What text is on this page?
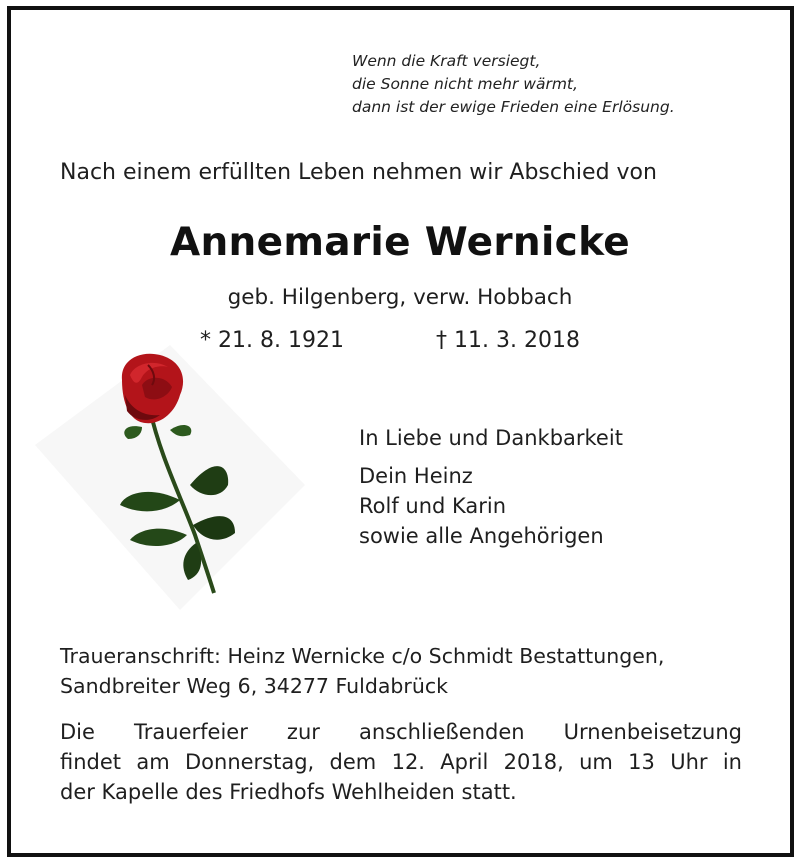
Wenn die Kraft versiegt,
die Sonne nicht mehr wärmt,
dann ist der ewige Frieden eine Erlösung.
Nach einem erfüllten Leben nehmen wir Abschied von
Annemarie Wernicke
geb. Hilgenberg, verw. Hobbach
* 21. 8. 1921	† 11. 3. 2018
In Liebe und Dankbarkeit
Dein Heinz
Rolf und Karin
sowie alle Angehörigen
Traueranschrift: Heinz Wernicke c/o Schmidt Bestattungen,
Sandbreiter Weg 6, 34277 Fuldabrück
Die Trauerfeier zur anschließenden Urnenbeisetzung
findet am Donnerstag, dem 12. April 2018, um 13 Uhr in
der Kapelle des Friedhofs Wehlheiden statt.
